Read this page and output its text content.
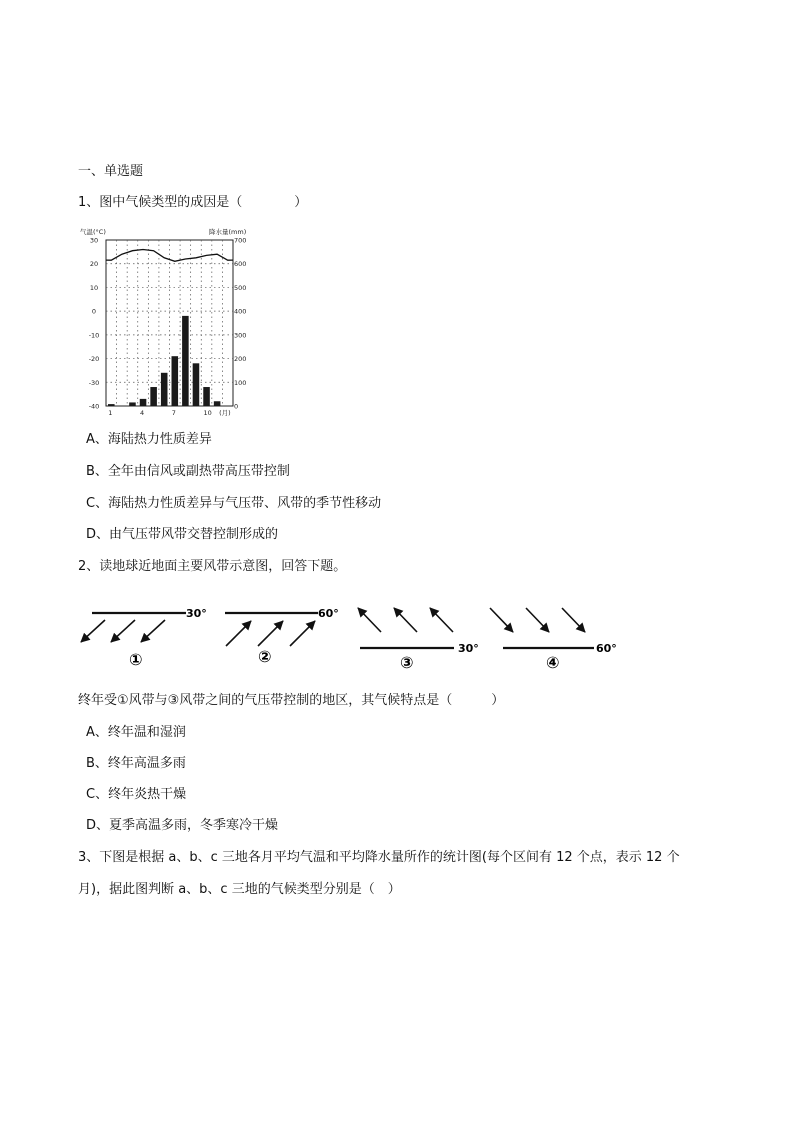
一、单选题
1、图中气候类型的成因是（　　　　）
气温(°C)	降水量(mm)
30
20
10
0
-10
-20
-30
-40
700
600
500
400
300
200
100
0
1	4	7	10 (月)
A、海陆热力性质差异
B、全年由信风或副热带高压带控制
C、海陆热力性质差异与气压带、风带的季节性移动
D、由气压带风带交替控制形成的
2、读地球近地面主要风带示意图，回答下题。
30°
①
60°
②	30°
③
60°
④
终年受①风带与③风带之间的气压带控制的地区，其气候特点是（　　　）
A、终年温和湿润
B、终年高温多雨
C、终年炎热干燥
D、夏季高温多雨，冬季寒冷干燥
3、下图是根据 a、b、c 三地各月平均气温和平均降水量所作的统计图(每个区间有 12 个点，表示 12 个
月)，据此图判断 a、b、c 三地的气候类型分别是（　）
